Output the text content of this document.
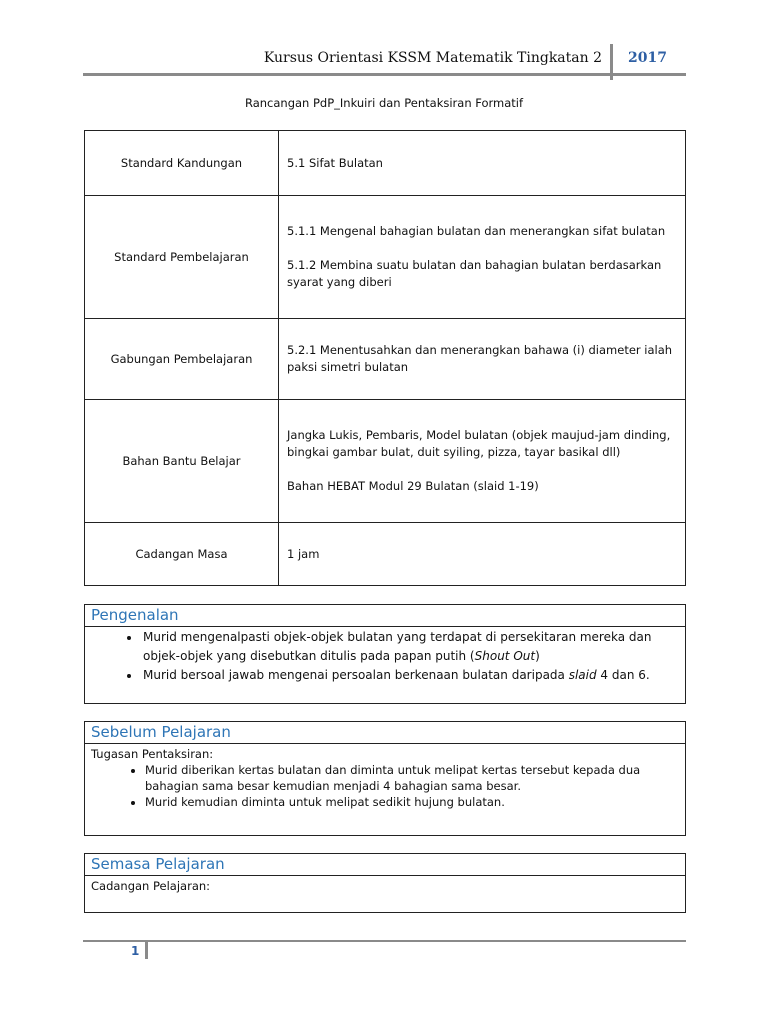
Kursus Orientasi KSSM Matematik Tingkatan 2 2017
Rancangan PdP_Inkuiri dan Pentaksiran Formatif
Standard Kandungan	5.1 Sifat Bulatan

Standard Pembelajaran	5.1.1 Mengenal bahagian bulatan dan menerangkan sifat bulatan

5.1.2 Membina suatu bulatan dan bahagian bulatan berdasarkan syarat yang diberi

Gabungan Pembelajaran	5.2.1 Menentusahkan dan menerangkan bahawa (i) diameter ialah paksi simetri bulatan

Bahan Bantu Belajar	Jangka Lukis, Pembaris, Model bulatan (objek maujud-jam dinding, bingkai gambar bulat, duit syiling, pizza, tayar basikal dll)

Bahan HEBAT Modul 29 Bulatan (slaid 1-19)

Cadangan Masa	1 jam

Pengenalan
• Murid mengenalpasti objek-objek bulatan yang terdapat di persekitaran mereka dan objek-objek yang disebutkan ditulis pada papan putih (Shout Out)
• Murid bersoal jawab mengenai persoalan berkenaan bulatan daripada slaid 4 dan 6.
Sebelum Pelajaran
Tugasan Pentaksiran:
• Murid diberikan kertas bulatan dan diminta untuk melipat kertas tersebut kepada dua bahagian sama besar kemudian menjadi 4 bahagian sama besar.
• Murid kemudian diminta untuk melipat sedikit hujung bulatan.
Semasa Pelajaran
Cadangan Pelajaran:
1
